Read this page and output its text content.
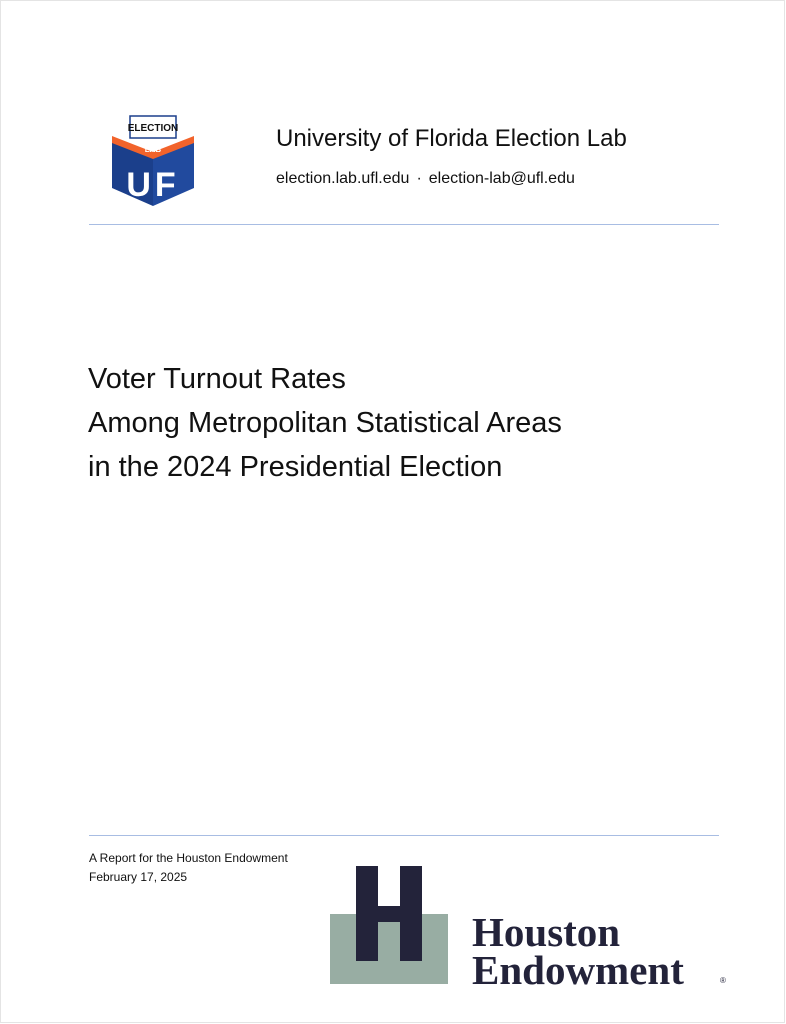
ELECTION
LAB
UF
University of Florida Election Lab
election.lab.ufl.edu · election-lab@ufl.edu
Voter Turnout Rates
Among Metropolitan Statistical Areas
in the 2024 Presidential Election
A Report for the Houston Endowment
February 17, 2025
Houston
Endowment	®
